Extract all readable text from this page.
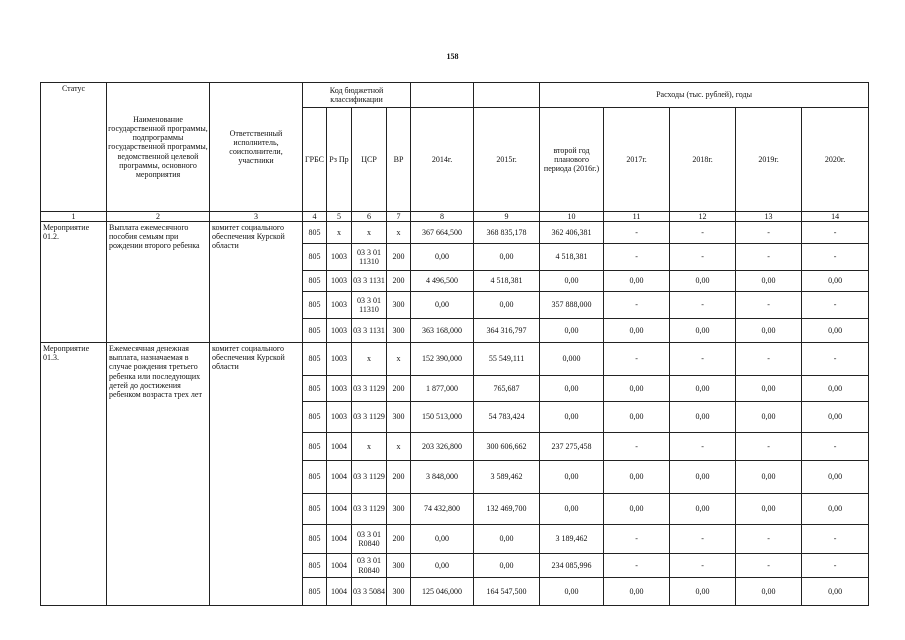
158
Статус	Наименование государственной программы, подпрограммы государственной программы, ведомственной целевой программы, основного мероприятия	Ответственный исполнитель, соисполнители, участники	Код бюджетной классификации						Расходы (тыс. рублей), годы				
			ГРБС	Рз Пр	ЦСР	ВР	2014г.	2015г.	второй год планового периода (2016г.)	2017г.	2018г.	2019г.	2020г.
1	2	3	4	5	6	7	8	9	10	11	12	13	14
Мероприятие 01.2.	Выплата ежемесячного пособия семьям при рождении второго ребенка	комитет социального обеспечения Курской области	805	х	х	х	367 664,500	368 835,178	362 406,381	-	-	-	-
			805	1003	03 3 01 11310	200	0,00	0,00	4 518,381	-	-	-	-
			805	1003	03 3 1131	200	4 496,500	4 518,381	0,00	0,00	0,00	0,00	0,00
			805	1003	03 3 01 11310	300	0,00	0,00	357 888,000	-	-	-	-
			805	1003	03 3 1131	300	363 168,000	364 316,797	0,00	0,00	0,00	0,00	0,00
Мероприятие 01.3.	Ежемесячная денежная выплата, назначаемая в случае рождения третьего ребенка или последующих детей до достижения ребенком возраста трех лет	комитет социального обеспечения Курской области	805	1003	х	х	152 390,000	55 549,111	0,000	-	-	-	-
			805	1003	03 3 1129	200	1 877,000	765,687	0,00	0,00	0,00	0,00	0,00
			805	1003	03 3 1129	300	150 513,000	54 783,424	0,00	0,00	0,00	0,00	0,00
			805	1004	х	х	203 326,800	300 606,662	237 275,458	-	-	-	-
			805	1004	03 3 1129	200	3 848,000	3 589,462	0,00	0,00	0,00	0,00	0,00
			805	1004	03 3 1129	300	74 432,800	132 469,700	0,00	0,00	0,00	0,00	0,00
			805	1004	03 3 01 R0840	200	0,00	0,00	3 189,462	-	-	-	-
			805	1004	03 3 01 R0840	300	0,00	0,00	234 085,996	-	-	-	-
			805	1004	03 3 5084	300	125 046,000	164 547,500	0,00	0,00	0,00	0,00	0,00
